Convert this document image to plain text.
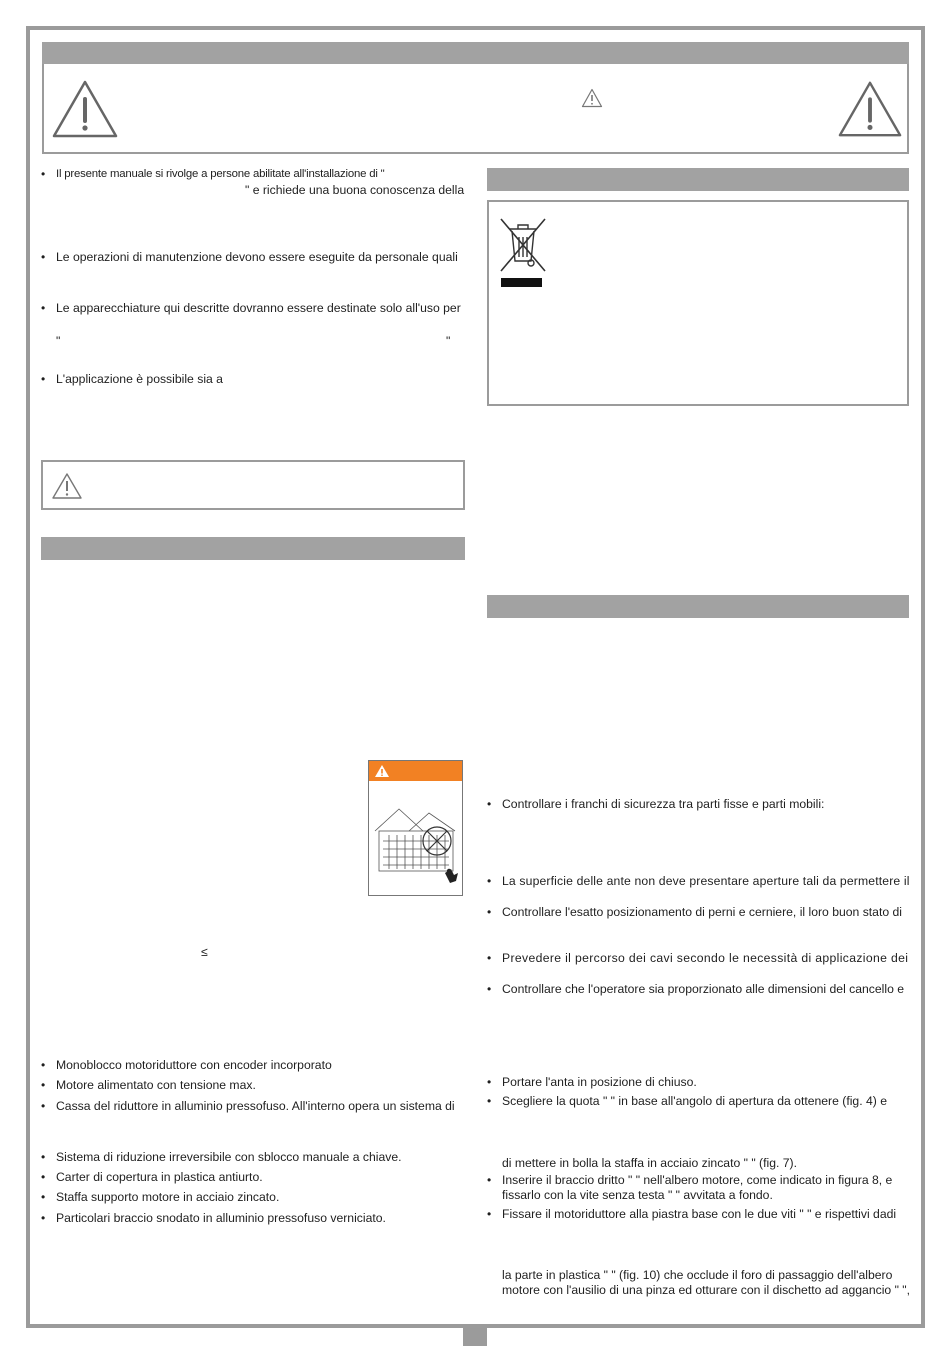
• Il presente manuale si rivolge a persone abilitate all'installazione di "
" e richiede una buona conoscenza della
• Le operazioni di manutenzione devono essere eseguite da personale quali
• Le apparecchiature qui descritte dovranno essere destinate solo all'uso per
"	"
• L'applicazione è possibile sia a
≤
• Monoblocco motoriduttore con encoder incorporato
• Motore alimentato con tensione max.
• Cassa del riduttore in alluminio pressofuso. All'interno opera un sistema di
• Sistema di riduzione irreversibile con sblocco manuale a chiave.
• Carter di copertura in plastica antiurto.
• Staffa supporto motore in acciaio zincato.
• Particolari braccio snodato in alluminio pressofuso verniciato.
• Controllare i franchi di sicurezza tra parti fisse e parti mobili:
• La superficie delle ante non deve presentare aperture tali da permettere il
• Controllare l'esatto posizionamento di perni e cerniere, il loro buon stato di
• Prevedere il percorso dei cavi secondo le necessità di applicazione dei
• Controllare che l'operatore sia proporzionato alle dimensioni del cancello e
• Portare l'anta in posizione di chiuso.
• Scegliere la quota " " in base all'angolo di apertura da ottenere (fig. 4) e
di mettere in bolla la staffa in acciaio zincato " " (fig. 7).
• Inserire il braccio dritto " " nell'albero motore, come indicato in figura 8, e
fissarlo con la vite senza testa " " avvitata a fondo.
• Fissare il motoriduttore alla piastra base con le due viti " " e rispettivi dadi
la parte in plastica " " (fig. 10) che occlude il foro di passaggio dell'albero
motore con l'ausilio di una pinza ed otturare con il dischetto ad aggancio " ",
